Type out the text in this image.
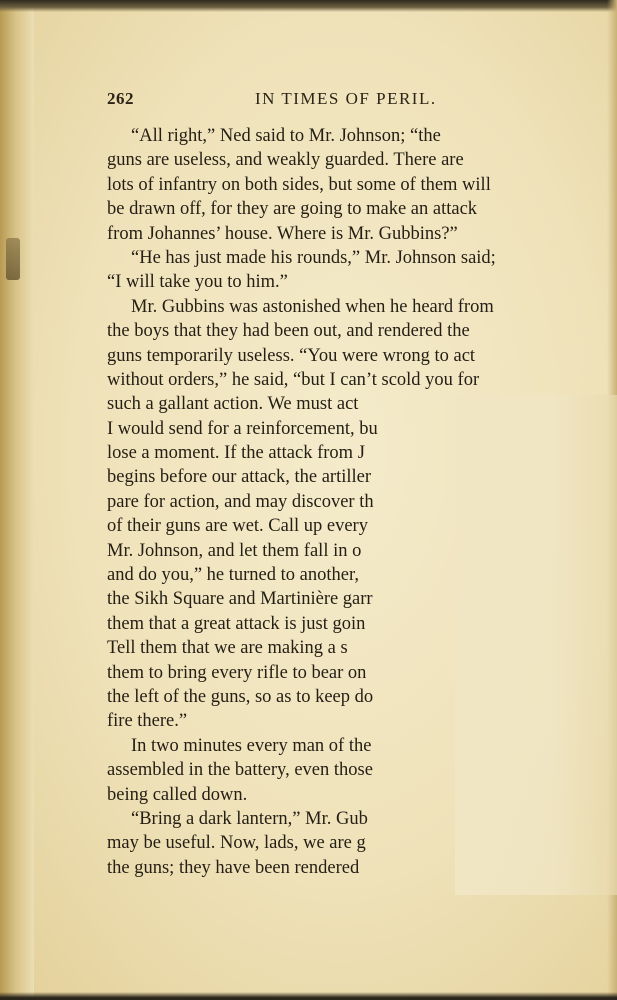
262	IN TIMES OF PERIL.
“All right,” Ned said to Mr. Johnson; “the
guns are useless, and weakly guarded. There are
lots of infantry on both sides, but some of them will
be drawn off, for they are going to make an attack
from Johannes’ house. Where is Mr. Gubbins?”
“He has just made his rounds,” Mr. Johnson said;
“I will take you to him.”
Mr. Gubbins was astonished when he heard from
the boys that they had been out, and rendered the
guns temporarily useless. “You were wrong to act
without orders,” he said, “but I can’t scold you for
such a gallant action. We must act
I would send for a reinforcement, bu
lose a moment. If the attack from J
begins before our attack, the artiller
pare for action, and may discover th
of their guns are wet. Call up every
Mr. Johnson, and let them fall in o
and do you,” he turned to another,
the Sikh Square and Martinière garr
them that a great attack is just goin
Tell them that we are making a s
them to bring every rifle to bear on
the left of the guns, so as to keep do
fire there.”
In two minutes every man of the
assembled in the battery, even those
being called down.
“Bring a dark lantern,” Mr. Gub
may be useful. Now, lads, we are g
the guns; they have been rendered
